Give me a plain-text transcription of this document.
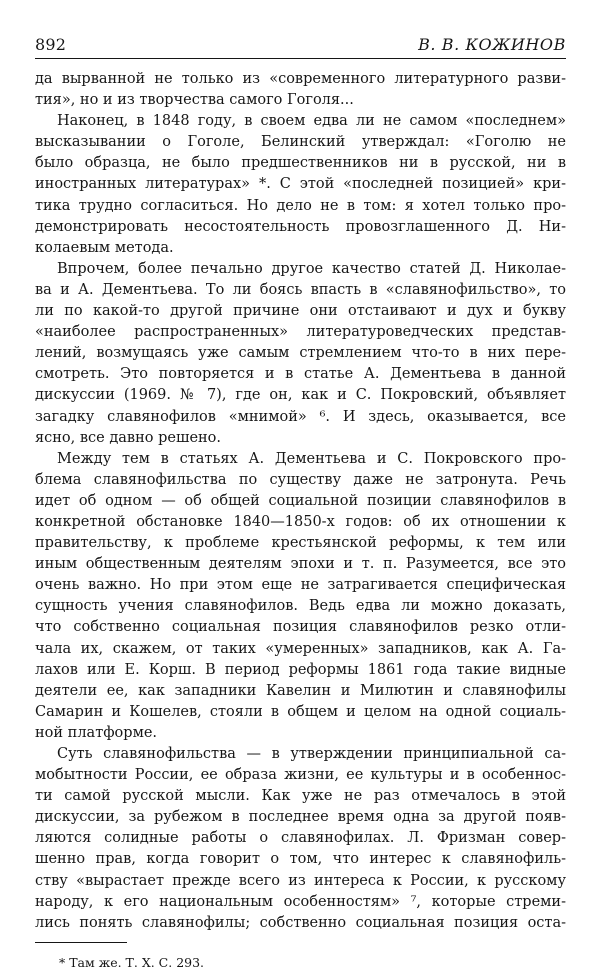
892	В. В. КОЖИНОВ

да вырванной не только из «современного литературного разви-
тия», но и из творчества самого Гоголя...

Наконец, в 1848 году, в своем едва ли не самом «последнем»
высказывании о Гоголе, Белинский утверждал: «Гоголю не
было образца, не было предшественников ни в русской, ни в
иностранных литературах» *. С этой «последней позицией» кри-
тика трудно согласиться. Но дело не в том: я хотел только про-
демонстрировать несостоятельность провозглашенного Д. Ни-
колаевым метода.

Впрочем, более печально другое качество статей Д. Николае-
ва и А. Дементьева. То ли боясь впасть в «славянофильство», то
ли по какой-то другой причине они отстаивают и дух и букву
«наиболее распространенных» литературоведческих представ-
лений, возмущаясь уже самым стремлением что-то в них пере-
смотреть. Это повторяется и в статье А. Дементьева в данной
дискуссии (1969. № 7), где он, как и С. Покровский, объявляет
загадку славянофилов «мнимой» ⁶. И здесь, оказывается, все
ясно, все давно решено.

Между тем в статьях А. Дементьева и С. Покровского про-
блема славянофильства по существу даже не затронута. Речь
идет об одном — об общей социальной позиции славянофилов в
конкретной обстановке 1840—1850-х годов: об их отношении к
правительству, к проблеме крестьянской реформы, к тем или
иным общественным деятелям эпохи и т. п. Разумеется, все это
очень важно. Но при этом еще не затрагивается специфическая
сущность учения славянофилов. Ведь едва ли можно доказать,
что собственно социальная позиция славянофилов резко отли-
чала их, скажем, от таких «умеренных» западников, как А. Га-
лахов или Е. Корш. В период реформы 1861 года такие видные
деятели ее, как западники Кавелин и Милютин и славянофилы
Самарин и Кошелев, стояли в общем и целом на одной социаль-
ной платформе.

Суть славянофильства — в утверждении принципиальной са-
мобытности России, ее образа жизни, ее культуры и в особеннос-
ти самой русской мысли. Как уже не раз отмечалось в этой
дискуссии, за рубежом в последнее время одна за другой появ-
ляются солидные работы о славянофилах. Л. Фризман совер-
шенно прав, когда говорит о том, что интерес к славянофиль-
ству «вырастает прежде всего из интереса к России, к русскому
народу, к его национальным особенностям» ⁷, которые стреми-
лись понять славянофилы; собственно социальная позиция оста-

* Там же. Т. X. С. 293.
